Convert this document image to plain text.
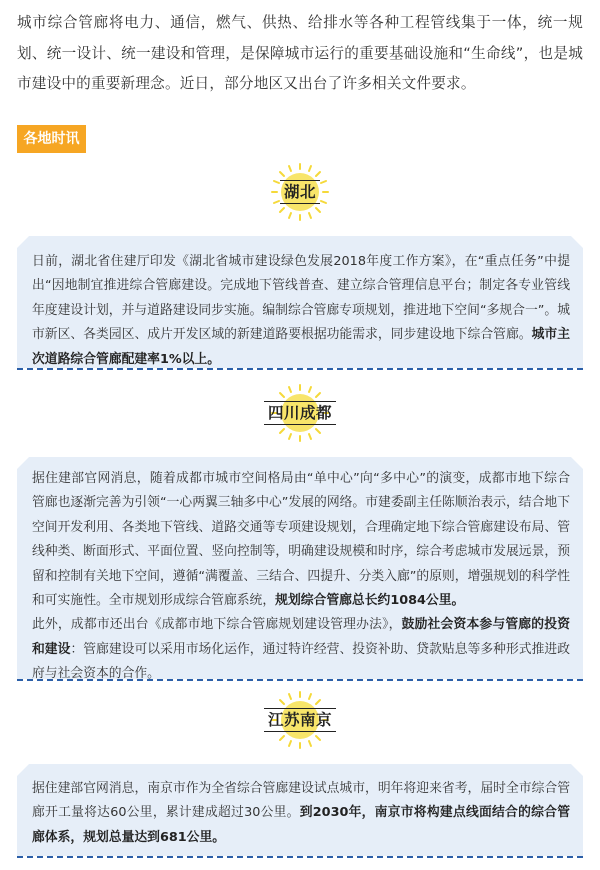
城市综合管廊将电力、通信，燃气、供热、给排水等各种工程管线集于一体，统一规划、统一设计、统一建设和管理，是保障城市运行的重要基础设施和“生命线”，也是城市建设中的重要新理念。近日，部分地区又出台了许多相关文件要求。

各地时讯
湖北

日前，湖北省住建厅印发《湖北省城市建设绿色发展2018年度工作方案》，在“重点任务”中提出“因地制宜推进综合管廊建设。完成地下管线普查、建立综合管理信息平台；制定各专业管线年度建设计划，并与道路建设同步实施。编制综合管廊专项规划，推进地下空间“多规合一”。城市新区、各类园区、成片开发区域的新建道路要根据功能需求，同步建设地下综合管廊。城市主次道路综合管廊配建率1%以上。

四川成都

据住建部官网消息，随着成都市城市空间格局由“单中心”向“多中心”的演变，成都市地下综合管廊也逐渐完善为引领“一心两翼三轴多中心”发展的网络。市建委副主任陈顺治表示，结合地下空间开发利用、各类地下管线、道路交通等专项建设规划，合理确定地下综合管廊建设布局、管线种类、断面形式、平面位置、竖向控制等，明确建设规模和时序，综合考虑城市发展远景，预留和控制有关地下空间，遵循“满覆盖、三结合、四提升、分类入廊”的原则，增强规划的科学性和可实施性。全市规划形成综合管廊系统，规划综合管廊总长约1084公里。

此外，成都市还出台《成都市地下综合管廊规划建设管理办法》，鼓励社会资本参与管廊的投资和建设：管廊建设可以采用市场化运作，通过特许经营、投资补助、贷款贴息等多种形式推进政府与社会资本的合作。

江苏南京

据住建部官网消息，南京市作为全省综合管廊建设试点城市，明年将迎来省考，届时全市综合管廊开工量将达60公里，累计建成超过30公里。到2030年，南京市将构建点线面结合的综合管廊体系，规划总量达到681公里。
